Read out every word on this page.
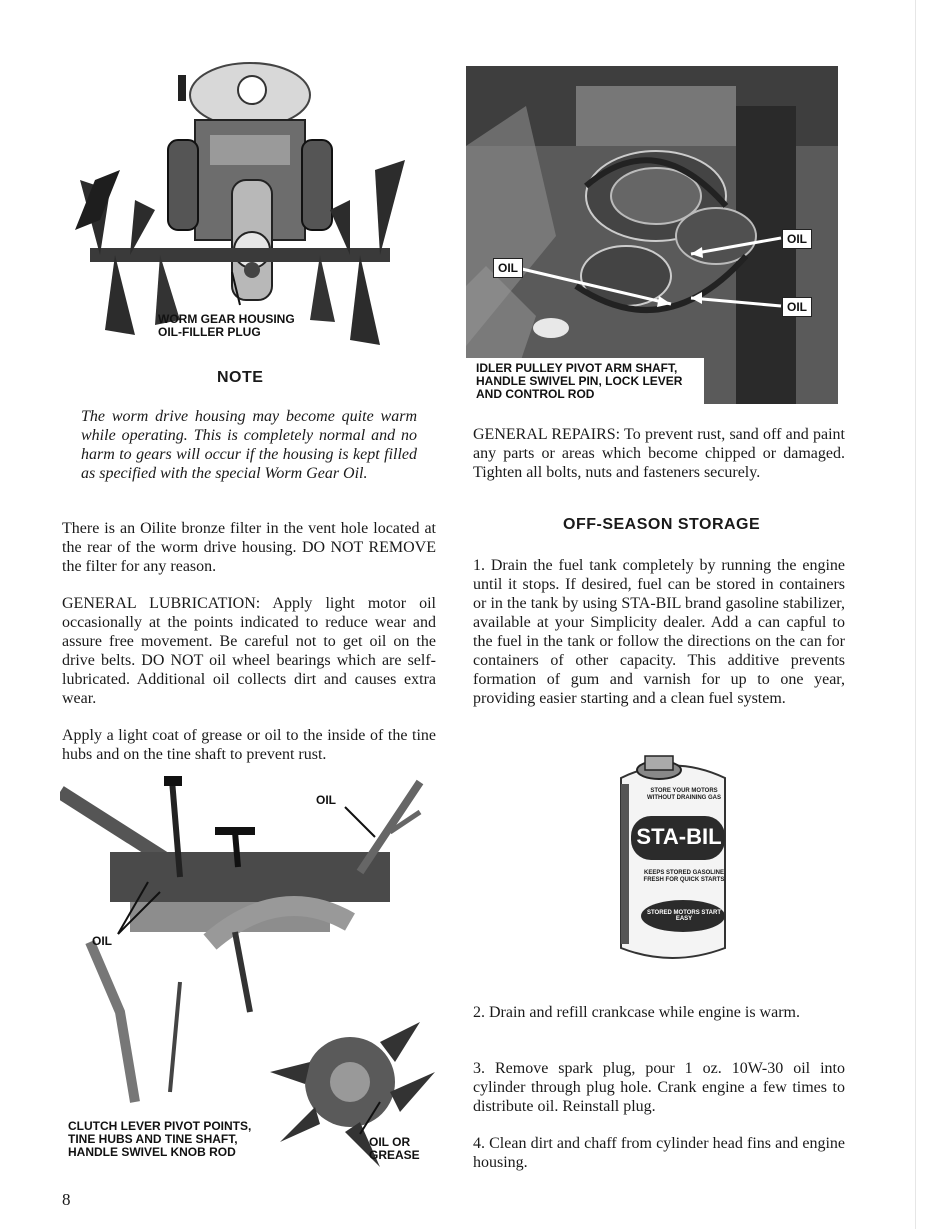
WORM GEAR HOUSING
OIL-FILLER PLUG
OIL
OIL
OIL
IDLER PULLEY PIVOT ARM SHAFT,
HANDLE SWIVEL PIN, LOCK LEVER
AND CONTROL ROD
NOTE

The worm drive housing may become quite warm while operating. This is completely normal and no harm to gears will occur if the housing is kept filled as specified with the special Worm Gear Oil.

There is an Oilite bronze filter in the vent hole located at the rear of the worm drive housing. DO NOT REMOVE the filter for any reason.

GENERAL LUBRICATION: Apply light motor oil occasionally at the points indicated to reduce wear and assure free movement. Be careful not to get oil on the drive belts. DO NOT oil wheel bearings which are self-lubricated. Additional oil collects dirt and causes extra wear.

Apply a light coat of grease or oil to the inside of the tine hubs and on the tine shaft to prevent rust.

GENERAL REPAIRS: To prevent rust, sand off and paint any parts or areas which become chipped or damaged. Tighten all bolts, nuts and fasteners securely.

OFF-SEASON STORAGE

1. Drain the fuel tank completely by running the engine until it stops. If desired, fuel can be stored in containers or in the tank by using STA-BIL brand gasoline stabilizer, available at your Simplicity dealer. Add a can capful to the fuel in the tank or follow the directions on the can for containers of other capacity. This additive prevents formation of gum and varnish for up to one year, providing easier starting and a clean fuel system.

STORE YOUR MOTORS WITHOUT DRAINING GAS
STA-BIL
KEEPS STORED GASOLINE FRESH FOR QUICK STARTS
STORED MOTORS START EASY
OIL
OIL
OIL OR
GREASE
CLUTCH LEVER PIVOT POINTS,
TINE HUBS AND TINE SHAFT,
HANDLE SWIVEL KNOB ROD

2. Drain and refill crankcase while engine is warm.

3. Remove spark plug, pour 1 oz. 10W-30 oil into cylinder through plug hole. Crank engine a few times to distribute oil. Reinstall plug.

4. Clean dirt and chaff from cylinder head fins and engine housing.

8
